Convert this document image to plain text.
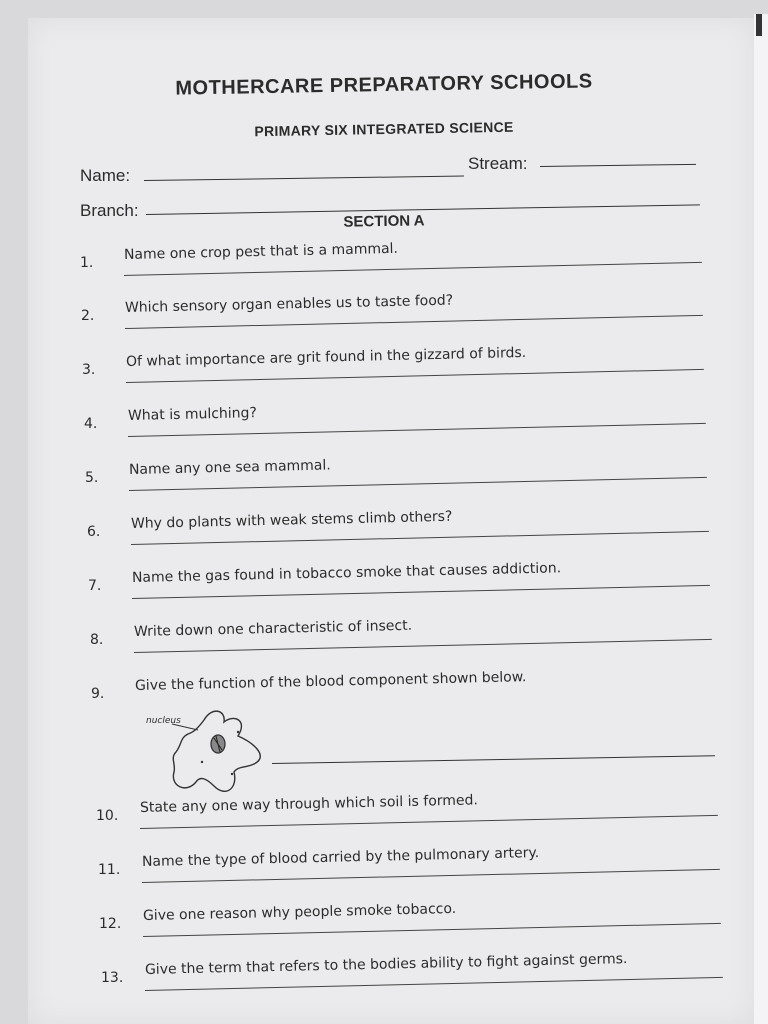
MOTHERCARE PREPARATORY SCHOOLS
PRIMARY SIX INTEGRATED SCIENCE
Name:
Stream:
Branch:
SECTION A
1.
Name one crop pest that is a mammal.
2.
Which sensory organ enables us to taste food?
3.
Of what importance are grit found in the gizzard of birds.
4.
What is mulching?
5.
Name any one sea mammal.
6.
Why do plants with weak stems climb others?
7.
Name the gas found in tobacco smoke that causes addiction.
8.
Write down one characteristic of insect.
9.
Give the function of the blood component shown below.
nucleus
10.
State any one way through which soil is formed.
11.
Name the type of blood carried by the pulmonary artery.
12.
Give one reason why people smoke tobacco.
13.
Give the term that refers to the bodies ability to fight against germs.
